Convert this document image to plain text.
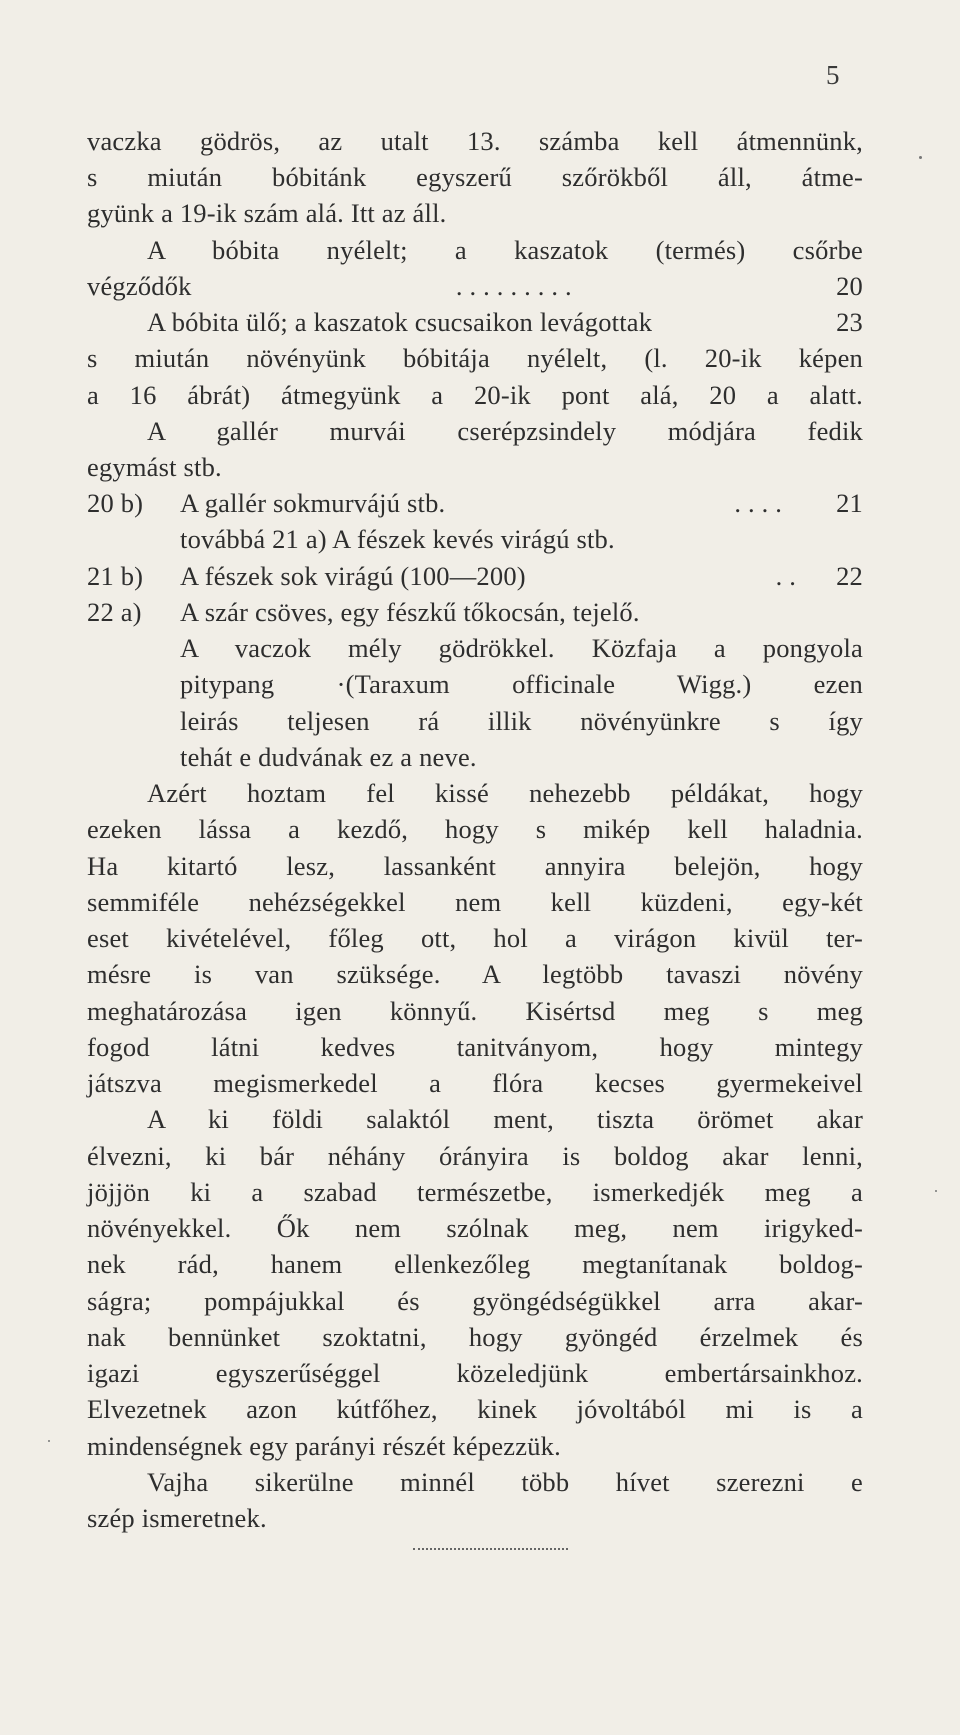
5
vaczka gödrös, az utalt 13. számba kell átmennünk,
s miután bóbitánk egyszerű szőrökből áll, átme-
gyünk a 19-ik szám alá. Itt az áll.
A bóbita nyélelt; a kaszatok (termés) csőrbe
végződők	. . . . . . . . .	20
A bóbita ülő; a kaszatok csucsaikon levágottak	23
s miután növényünk bóbitája nyélelt, (l. 20-ik képen
a 16 ábrát) átmegyünk a 20-ik pont alá, 20 a alatt.
A gallér murvái cserépzsindely módjára fedik
egymást stb.
20 b)	A gallér sokmurvájú stb.	. . . . 21
továbbá 21 a) A fészek kevés virágú stb.
21 b)	A fészek sok virágú (100—200)	. . 22
22 a)	A szár csöves, egy fészkű tőkocsán, tejelő.
A vaczok mély gödrökkel. Közfaja a pongyola
pitypang ·(Taraxum officinale Wigg.) ezen
leirás teljesen rá illik növényünkre s így
tehát e dudvának ez a neve.
Azért hoztam fel kissé nehezebb példákat, hogy
ezeken lássa a kezdő, hogy s mikép kell haladnia.
Ha kitartó lesz, lassanként annyira belejön, hogy
semmiféle nehézségekkel nem kell küzdeni, egy-két
eset kivételével, főleg ott, hol a virágon kivül ter-
mésre is van szüksége. A legtöbb tavaszi növény
meghatározása igen könnyű. Kisértsd meg s meg
fogod látni kedves tanitványom, hogy mintegy
játszva megismerkedel a flóra kecses gyermekeivel
A ki földi salaktól ment, tiszta örömet akar
élvezni, ki bár néhány órányira is boldog akar lenni,
jöjjön ki a szabad természetbe, ismerkedjék meg a
növényekkel. Ők nem szólnak meg, nem irigyked-
nek rád, hanem ellenkezőleg megtanítanak boldog-
ságra; pompájukkal és gyöngédségükkel arra akar-
nak bennünket szoktatni, hogy gyöngéd érzelmek és
igazi egyszerűséggel közeledjünk embertársainkhoz.
Elvezetnek azon kútfőhez, kinek jóvoltából mi is a
mindenségnek egy parányi részét képezzük.
Vajha sikerülne minnél több hívet szerezni e
szép ismeretnek.
